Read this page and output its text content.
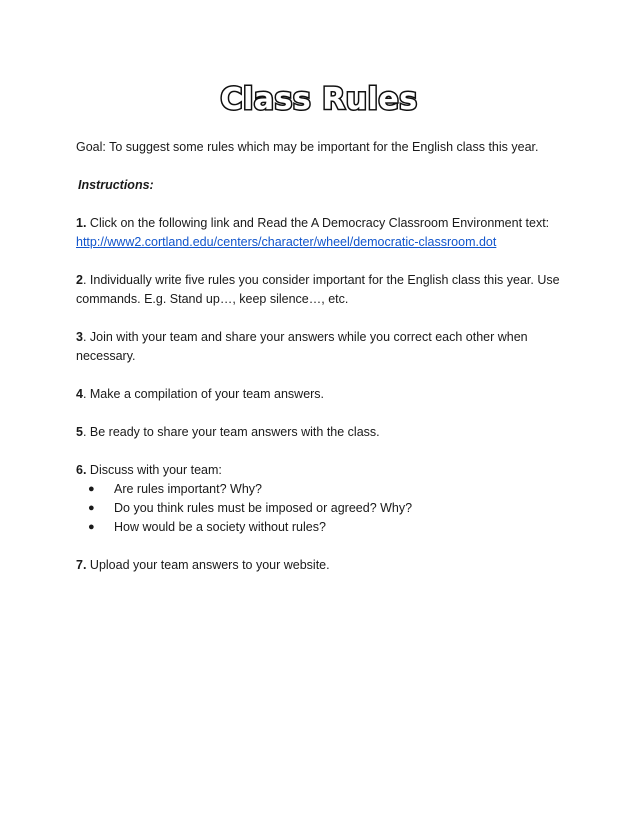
Class Rules

Goal: To suggest some rules which may be important for the English class this year.

Instructions:

1. Click on the following link and Read the A Democracy Classroom Environment text:
http://www2.cortland.edu/centers/character/wheel/democratic-classroom.dot

2. Individually write five rules you consider important for the English class this year. Use commands. E.g. Stand up…, keep silence…, etc.

3. Join with your team and share your answers while you correct each other when necessary.

4. Make a compilation of your team answers.

5. Be ready to share your team answers with the class.

6. Discuss with your team:

● Are rules important? Why?
● Do you think rules must be imposed or agreed? Why?
● How would be a society without rules?

7. Upload your team answers to your website.
